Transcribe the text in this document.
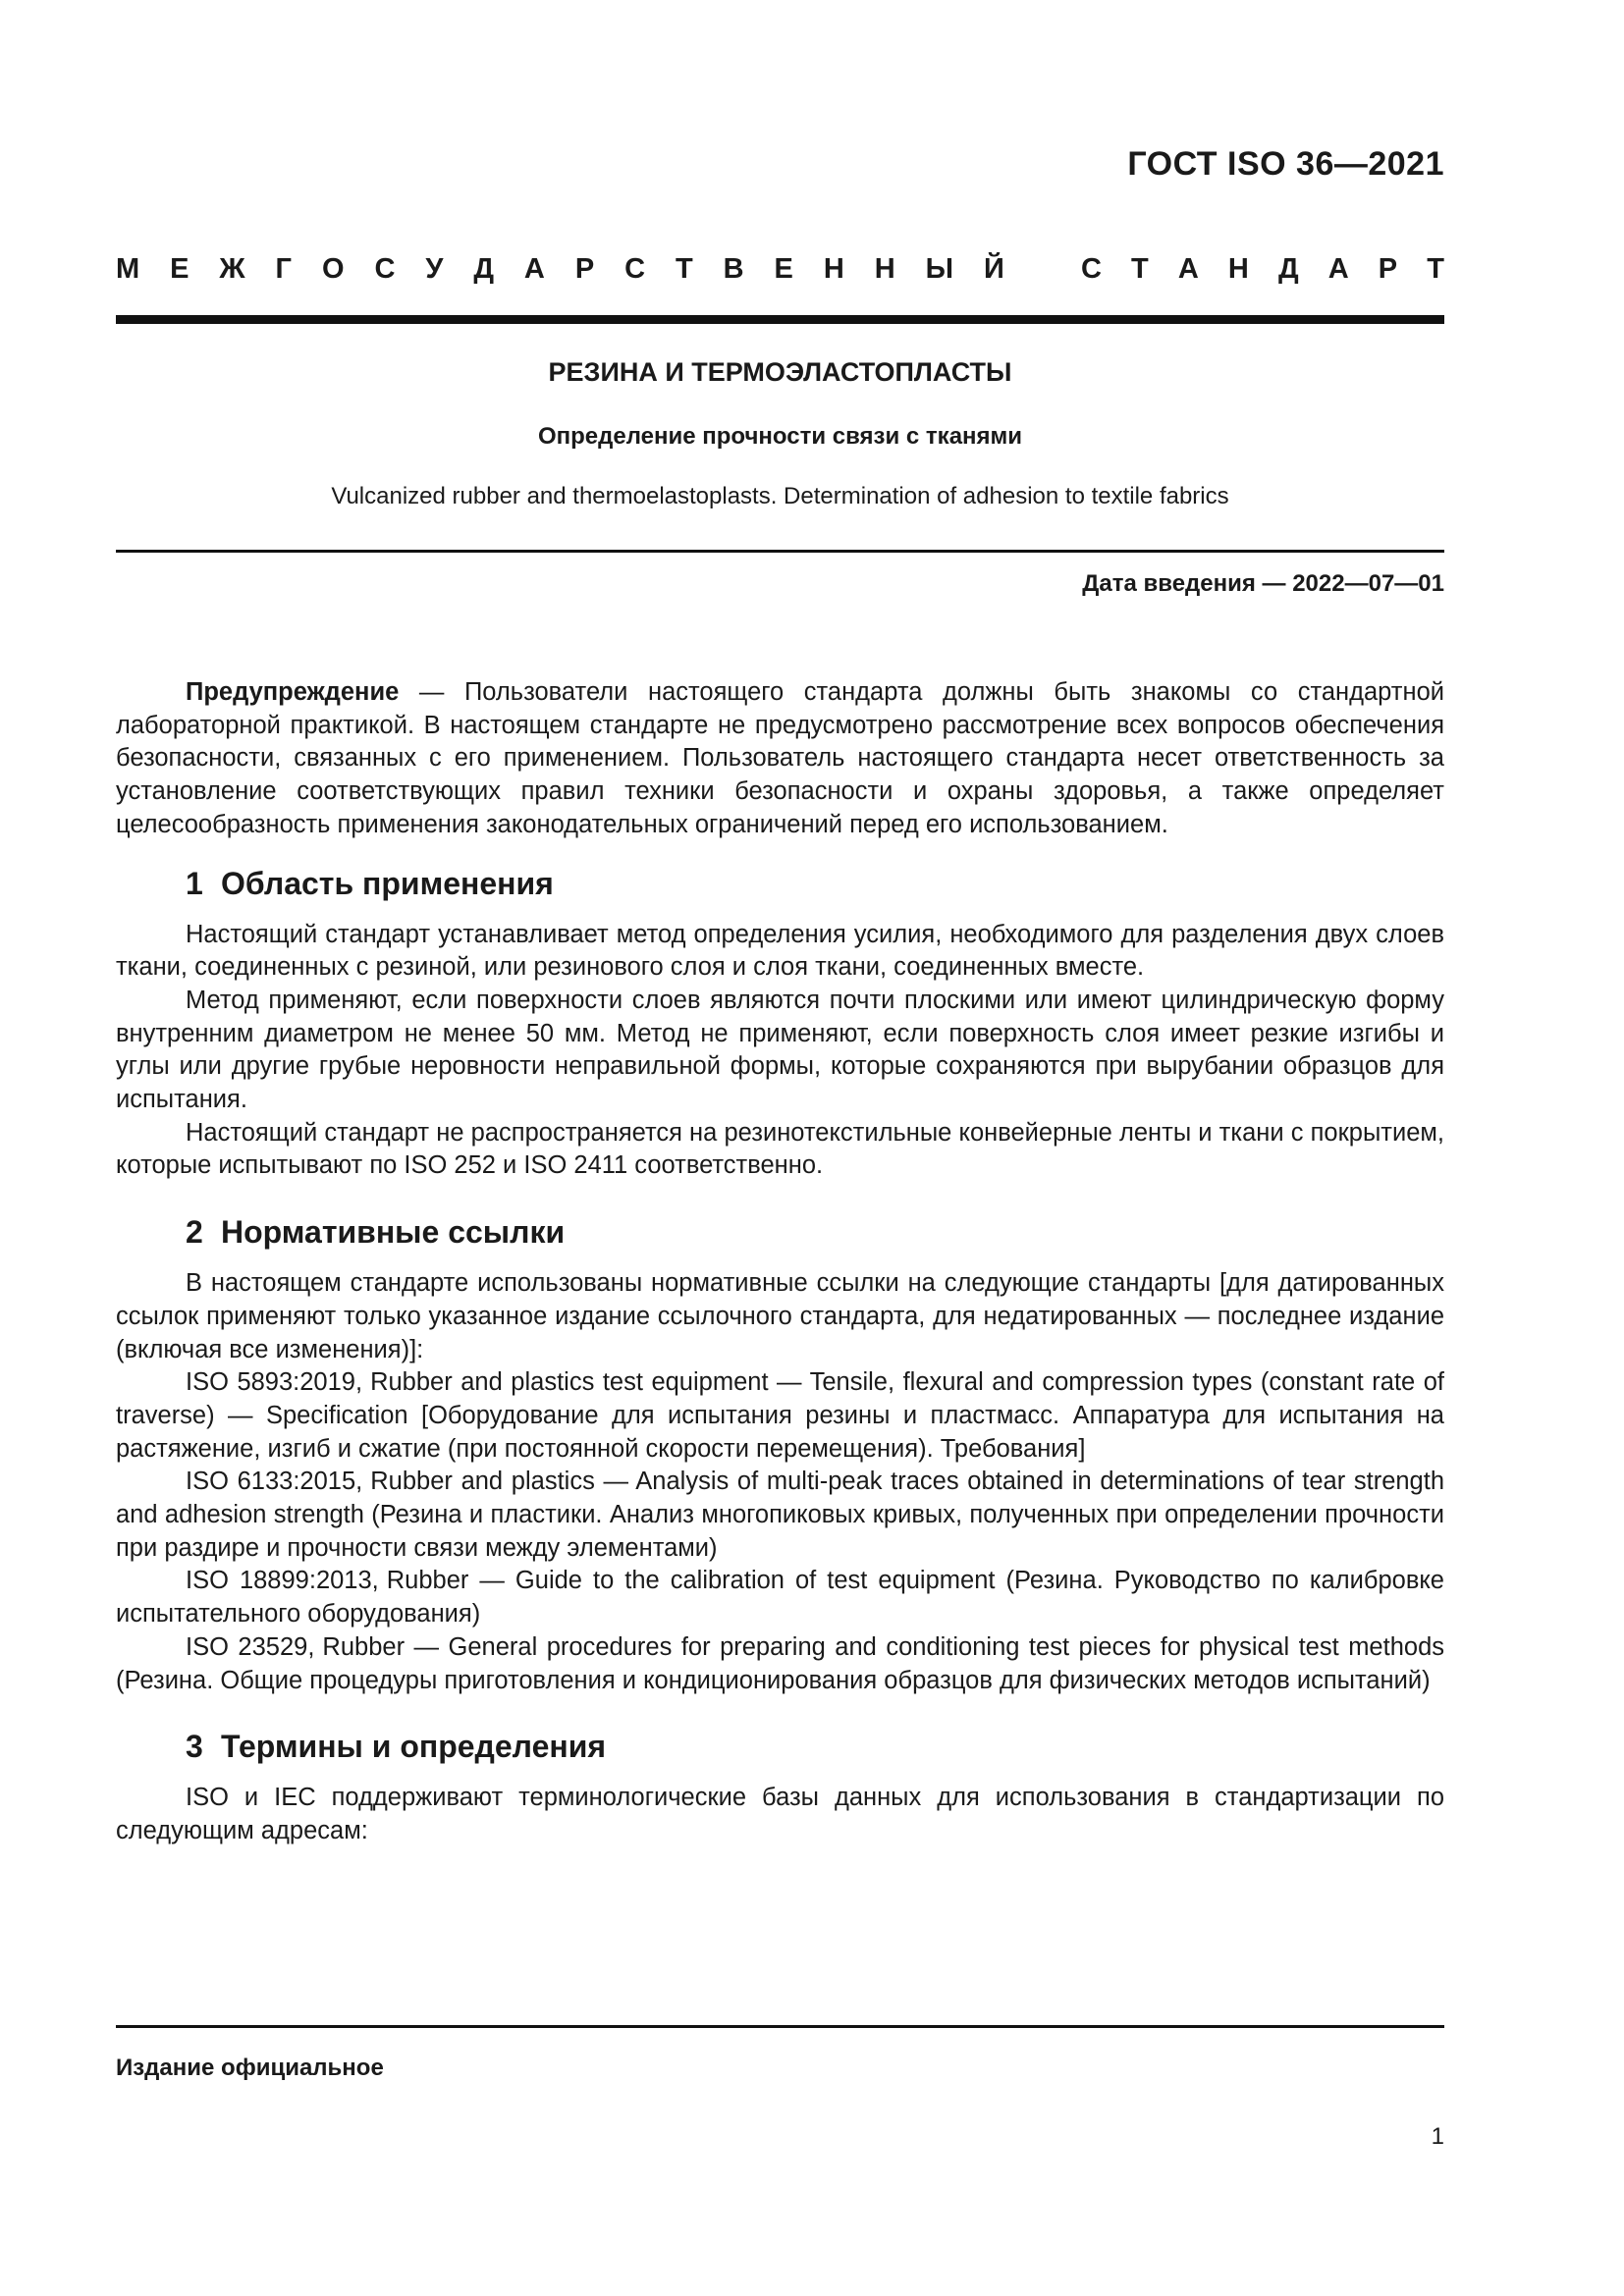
ГОСТ ISO 36—2021
М Е Ж Г О С У Д А Р С Т В Е Н Н Ы Й	С Т А Н Д А Р Т
РЕЗИНА И ТЕРМОЭЛАСТОПЛАСТЫ
Определение прочности связи с тканями
Vulcanized rubber and thermoelastoplasts. Determination of adhesion to textile fabrics
Дата введения — 2022—07—01

Предупреждение — Пользователи настоящего стандарта должны быть знакомы со стандартной лабораторной практикой. В настоящем стандарте не предусмотрено рассмотрение всех вопросов обеспечения безопасности, связанных с его применением. Пользователь настоящего стандарта несет ответственность за установление соответствующих правил техники безопасности и охраны здоровья, а также определяет целесообразность применения законодательных ограничений перед его использованием.

1 Область применения

Настоящий стандарт устанавливает метод определения усилия, необходимого для разделения двух слоев ткани, соединенных с резиной, или резинового слоя и слоя ткани, соединенных вместе.

Метод применяют, если поверхности слоев являются почти плоскими или имеют цилиндрическую форму внутренним диаметром не менее 50 мм. Метод не применяют, если поверхность слоя имеет резкие изгибы и углы или другие грубые неровности неправильной формы, которые сохраняются при вырубании образцов для испытания.

Настоящий стандарт не распространяется на резинотекстильные конвейерные ленты и ткани с покрытием, которые испытывают по ISO 252 и ISO 2411 соответственно.

2 Нормативные ссылки

В настоящем стандарте использованы нормативные ссылки на следующие стандарты [для датированных ссылок применяют только указанное издание ссылочного стандарта, для недатированных — последнее издание (включая все изменения)]:

ISO 5893:2019, Rubber and plastics test equipment — Tensile, flexural and compression types (constant rate of traverse) — Specification [Оборудование для испытания резины и пластмасс. Аппаратура для испытания на растяжение, изгиб и сжатие (при постоянной скорости перемещения). Требования]

ISO 6133:2015, Rubber and plastics — Analysis of multi-peak traces obtained in determinations of tear strength and adhesion strength (Резина и пластики. Анализ многопиковых кривых, полученных при определении прочности при раздире и прочности связи между элементами)

ISO 18899:2013, Rubber — Guide to the calibration of test equipment (Резина. Руководство по калибровке испытательного оборудования)

ISO 23529, Rubber — General procedures for preparing and conditioning test pieces for physical test methods (Резина. Общие процедуры приготовления и кондиционирования образцов для физических методов испытаний)

3 Термины и определения

ISO и IEC поддерживают терминологические базы данных для использования в стандартизации по следующим адресам:

Издание официальное
1
